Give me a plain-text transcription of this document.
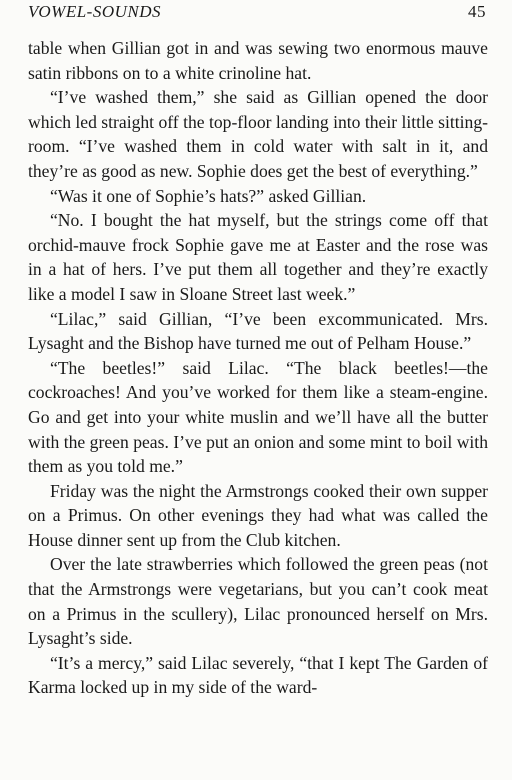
VOWEL-SOUNDS	45

table when Gillian got in and was sewing two enormous mauve satin ribbons on to a white crinoline hat.

“I’ve washed them,” she said as Gillian opened the door which led straight off the top-floor landing into their little sitting-room. “I’ve washed them in cold water with salt in it, and they’re as good as new. Sophie does get the best of everything.”

“Was it one of Sophie’s hats?” asked Gillian.

“No. I bought the hat myself, but the strings come off that orchid-mauve frock Sophie gave me at Easter and the rose was in a hat of hers. I’ve put them all together and they’re exactly like a model I saw in Sloane Street last week.”

“Lilac,” said Gillian, “I’ve been excommunicated. Mrs. Lysaght and the Bishop have turned me out of Pelham House.”

“The beetles!” said Lilac. “The black beetles!—the cockroaches! And you’ve worked for them like a steam-engine. Go and get into your white muslin and we’ll have all the butter with the green peas. I’ve put an onion and some mint to boil with them as you told me.”

Friday was the night the Armstrongs cooked their own supper on a Primus. On other evenings they had what was called the House dinner sent up from the Club kitchen.

Over the late strawberries which followed the green peas (not that the Armstrongs were vegetarians, but you can’t cook meat on a Primus in the scullery), Lilac pronounced herself on Mrs. Lysaght’s side.

“It’s a mercy,” said Lilac severely, “that I kept The Garden of Karma locked up in my side of the ward-
